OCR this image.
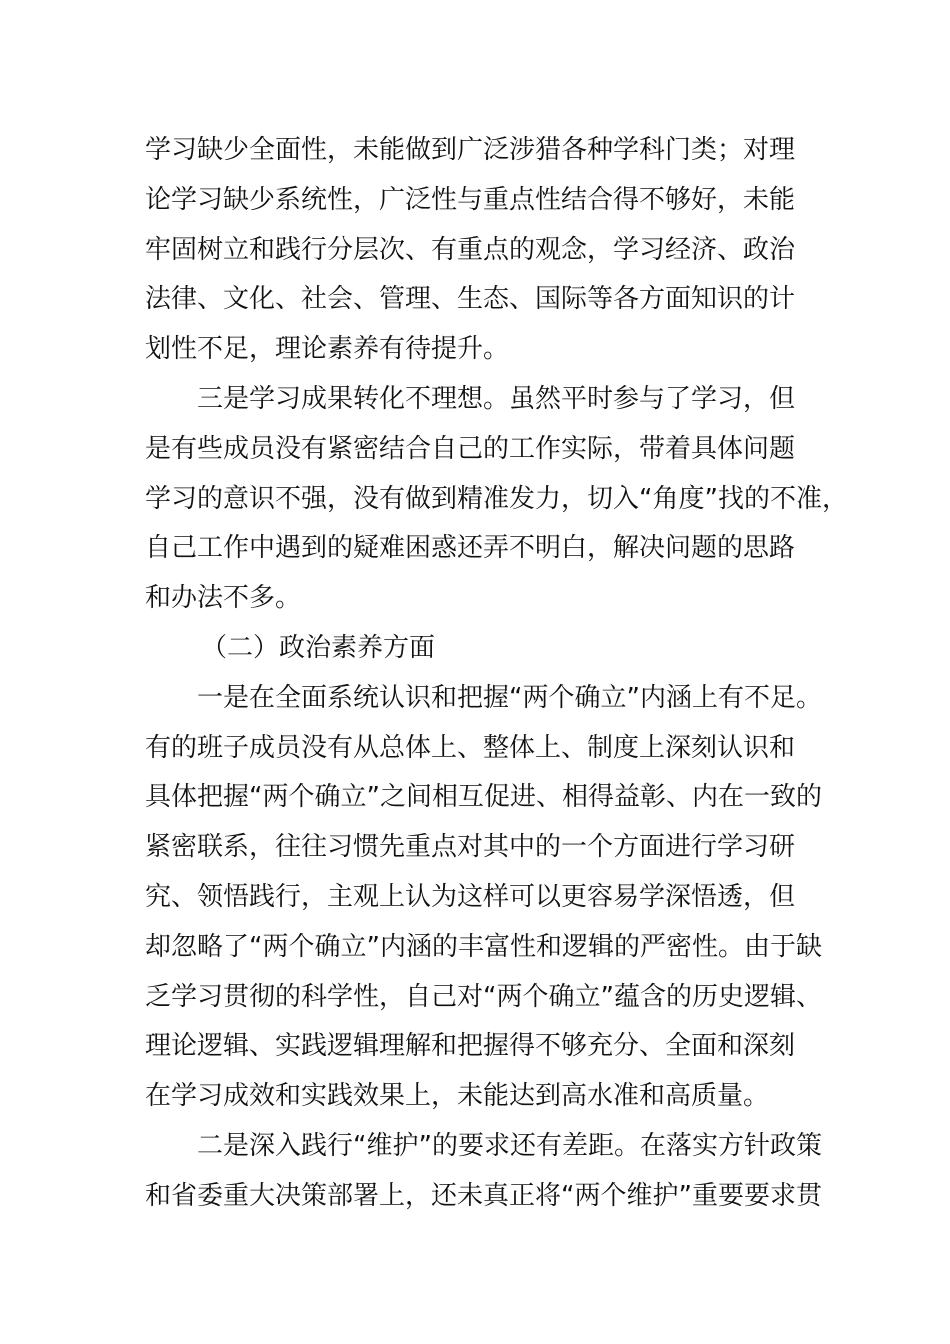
学习缺少全面性，未能做到广泛涉猎各种学科门类；对理
论学习缺少系统性，广泛性与重点性结合得不够好，未能
牢固树立和践行分层次、有重点的观念，学习经济、政治
法律、文化、社会、管理、生态、国际等各方面知识的计
划性不足，理论素养有待提升。
三是学习成果转化不理想。虽然平时参与了学习，但
是有些成员没有紧密结合自己的工作实际，带着具体问题
学习的意识不强，没有做到精准发力，切入“角度”找的不准，
自己工作中遇到的疑难困惑还弄不明白，解决问题的思路
和办法不多。
（二）政治素养方面
一是在全面系统认识和把握“两个确立”内涵上有不足。
有的班子成员没有从总体上、整体上、制度上深刻认识和
具体把握“两个确立”之间相互促进、相得益彰、内在一致的
紧密联系，往往习惯先重点对其中的一个方面进行学习研
究、领悟践行，主观上认为这样可以更容易学深悟透，但
却忽略了“两个确立”内涵的丰富性和逻辑的严密性。由于缺
乏学习贯彻的科学性，自己对“两个确立”蕴含的历史逻辑、
理论逻辑、实践逻辑理解和把握得不够充分、全面和深刻
在学习成效和实践效果上，未能达到高水准和高质量。
二是深入践行“维护”的要求还有差距。在落实方针政策
和省委重大决策部署上，还未真正将“两个维护”重要要求贯
